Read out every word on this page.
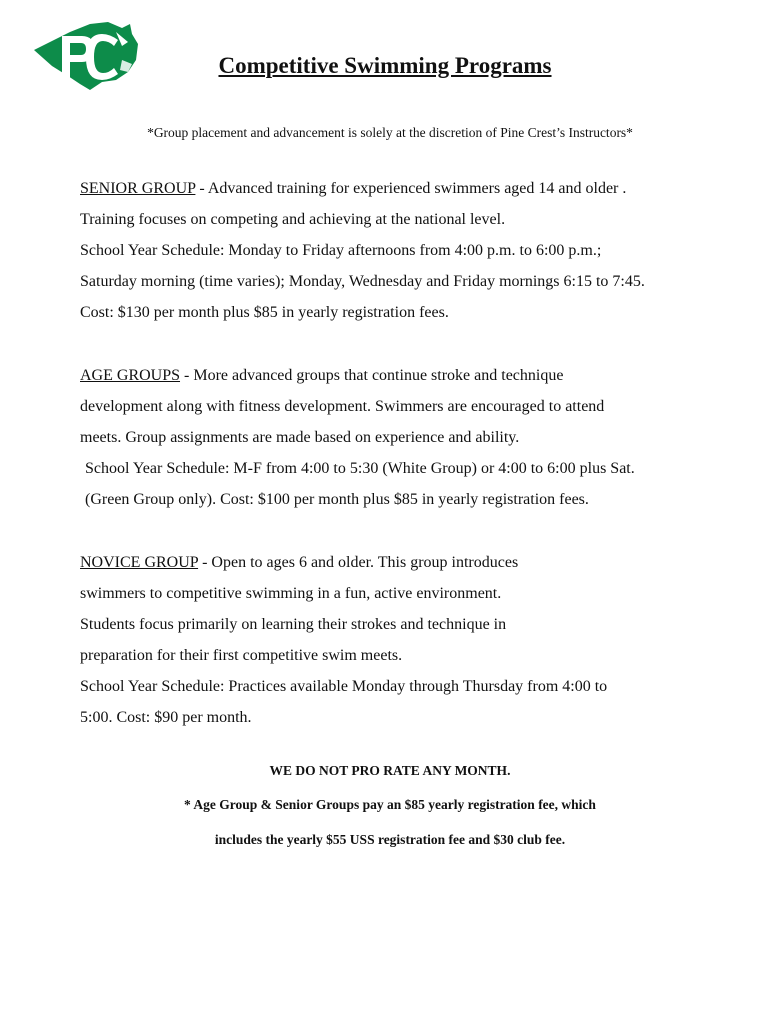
Competitive Swimming Programs

*Group placement and advancement is solely at the discretion of Pine Crest’s Instructors*

SENIOR GROUP - Advanced training for experienced swimmers aged 14 and older .
Training focuses on competing and achieving at the national level.
School Year Schedule: Monday to Friday afternoons from 4:00 p.m. to 6:00 p.m.;
Saturday morning (time varies); Monday, Wednesday and Friday mornings 6:15 to 7:45.
Cost: $130 per month plus $85 in yearly registration fees.
AGE GROUPS - More advanced groups that continue stroke and technique
development along with fitness development. Swimmers are encouraged to attend
meets. Group assignments are made based on experience and ability.
School Year Schedule: M-F from 4:00 to 5:30 (White Group) or 4:00 to 6:00 plus Sat.
(Green Group only). Cost: $100 per month plus $85 in yearly registration fees.
NOVICE GROUP - Open to ages 6 and older. This group introduces
swimmers to competitive swimming in a fun, active environment.
Students focus primarily on learning their strokes and technique in
preparation for their first competitive swim meets.
School Year Schedule: Practices available Monday through Thursday from 4:00 to
5:00. Cost: $90 per month.

WE DO NOT PRO RATE ANY MONTH.

* Age Group & Senior Groups pay an $85 yearly registration fee, which

includes the yearly $55 USS registration fee and $30 club fee.
